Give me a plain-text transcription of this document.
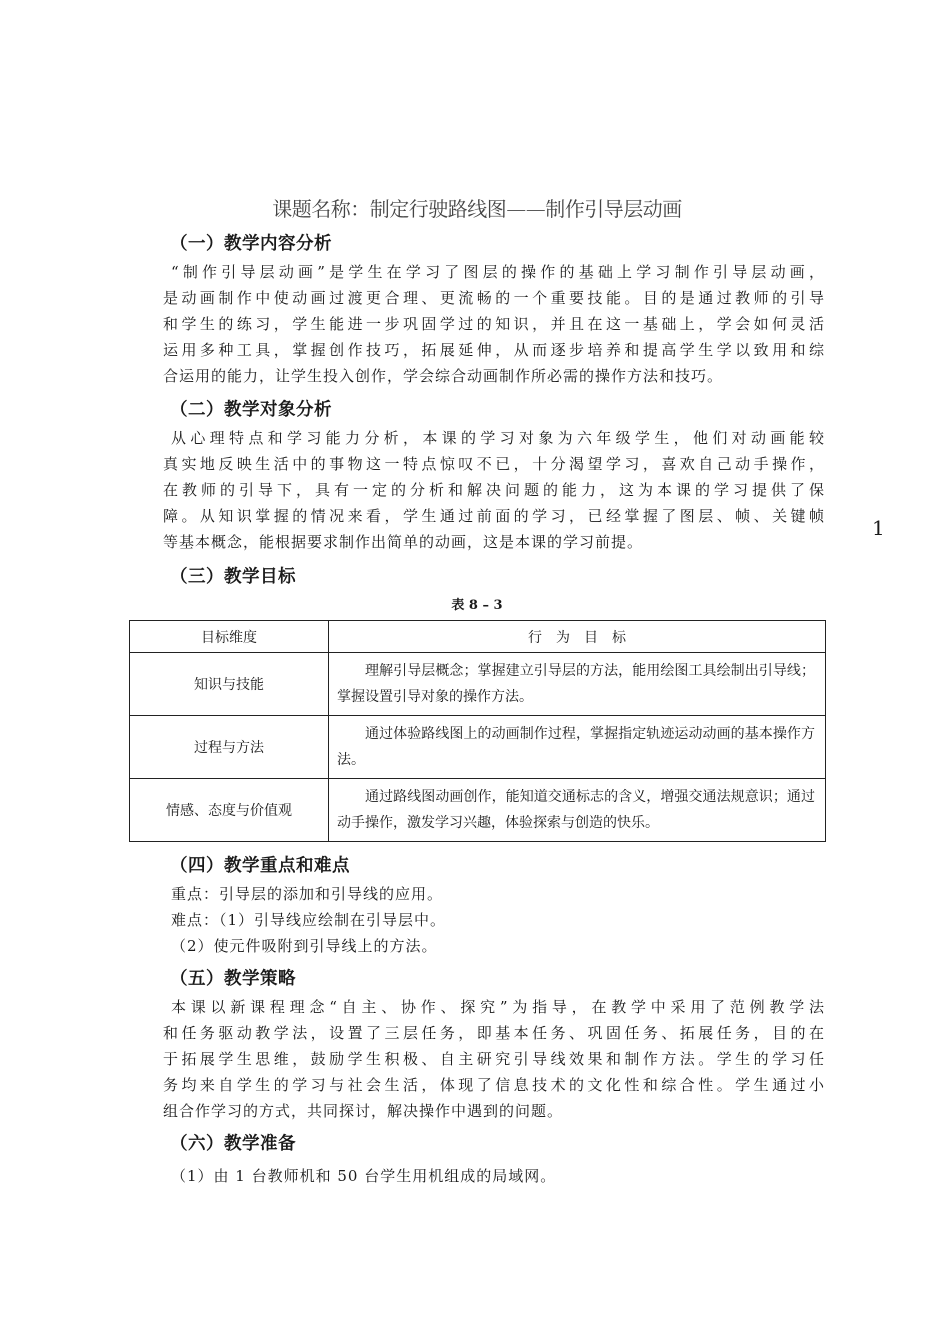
课题名称：制定行驶路线图——制作引导层动画
（一）教学内容分析
“制作引导层动画”是学生在学习了图层的操作的基础上学习制作引导层动画，
是动画制作中使动画过渡更合理、更流畅的一个重要技能。目的是通过教师的引导
和学生的练习，学生能进一步巩固学过的知识，并且在这一基础上，学会如何灵活
运用多种工具，掌握创作技巧，拓展延伸，从而逐步培养和提高学生学以致用和综
合运用的能力，让学生投入创作，学会综合动画制作所必需的操作方法和技巧。
（二）教学对象分析
从心理特点和学习能力分析，本课的学习对象为六年级学生，他们对动画能较
真实地反映生活中的事物这一特点惊叹不已，十分渴望学习，喜欢自己动手操作，
在教师的引导下，具有一定的分析和解决问题的能力，这为本课的学习提供了保
障。从知识掌握的情况来看，学生通过前面的学习，已经掌握了图层、帧、关键帧
等基本概念，能根据要求制作出简单的动画，这是本课的学习前提。
1
（三）教学目标
表 8 – 3
目标维度	行　为　目　标
知识与技能	理解引导层概念；掌握建立引导层的方法，能用绘图工具绘制出引导线；掌握设置引导对象的操作方法。
过程与方法	通过体验路线图上的动画制作过程，掌握指定轨迹运动动画的基本操作方法。
情感、态度与价值观	通过路线图动画创作，能知道交通标志的含义，增强交通法规意识；通过动手操作，激发学习兴趣，体验探索与创造的快乐。
（四）教学重点和难点
重点：引导层的添加和引导线的应用。
难点：（1）引导线应绘制在引导层中。
（2）使元件吸附到引导线上的方法。
（五）教学策略
本课以新课程理念“自主、协作、探究”为指导，在教学中采用了范例教学法
和任务驱动教学法，设置了三层任务，即基本任务、巩固任务、拓展任务，目的在
于拓展学生思维，鼓励学生积极、自主研究引导线效果和制作方法。学生的学习任
务均来自学生的学习与社会生活，体现了信息技术的文化性和综合性。学生通过小
组合作学习的方式，共同探讨，解决操作中遇到的问题。
（六）教学准备
（1）由 1 台教师机和 50 台学生用机组成的局域网。
